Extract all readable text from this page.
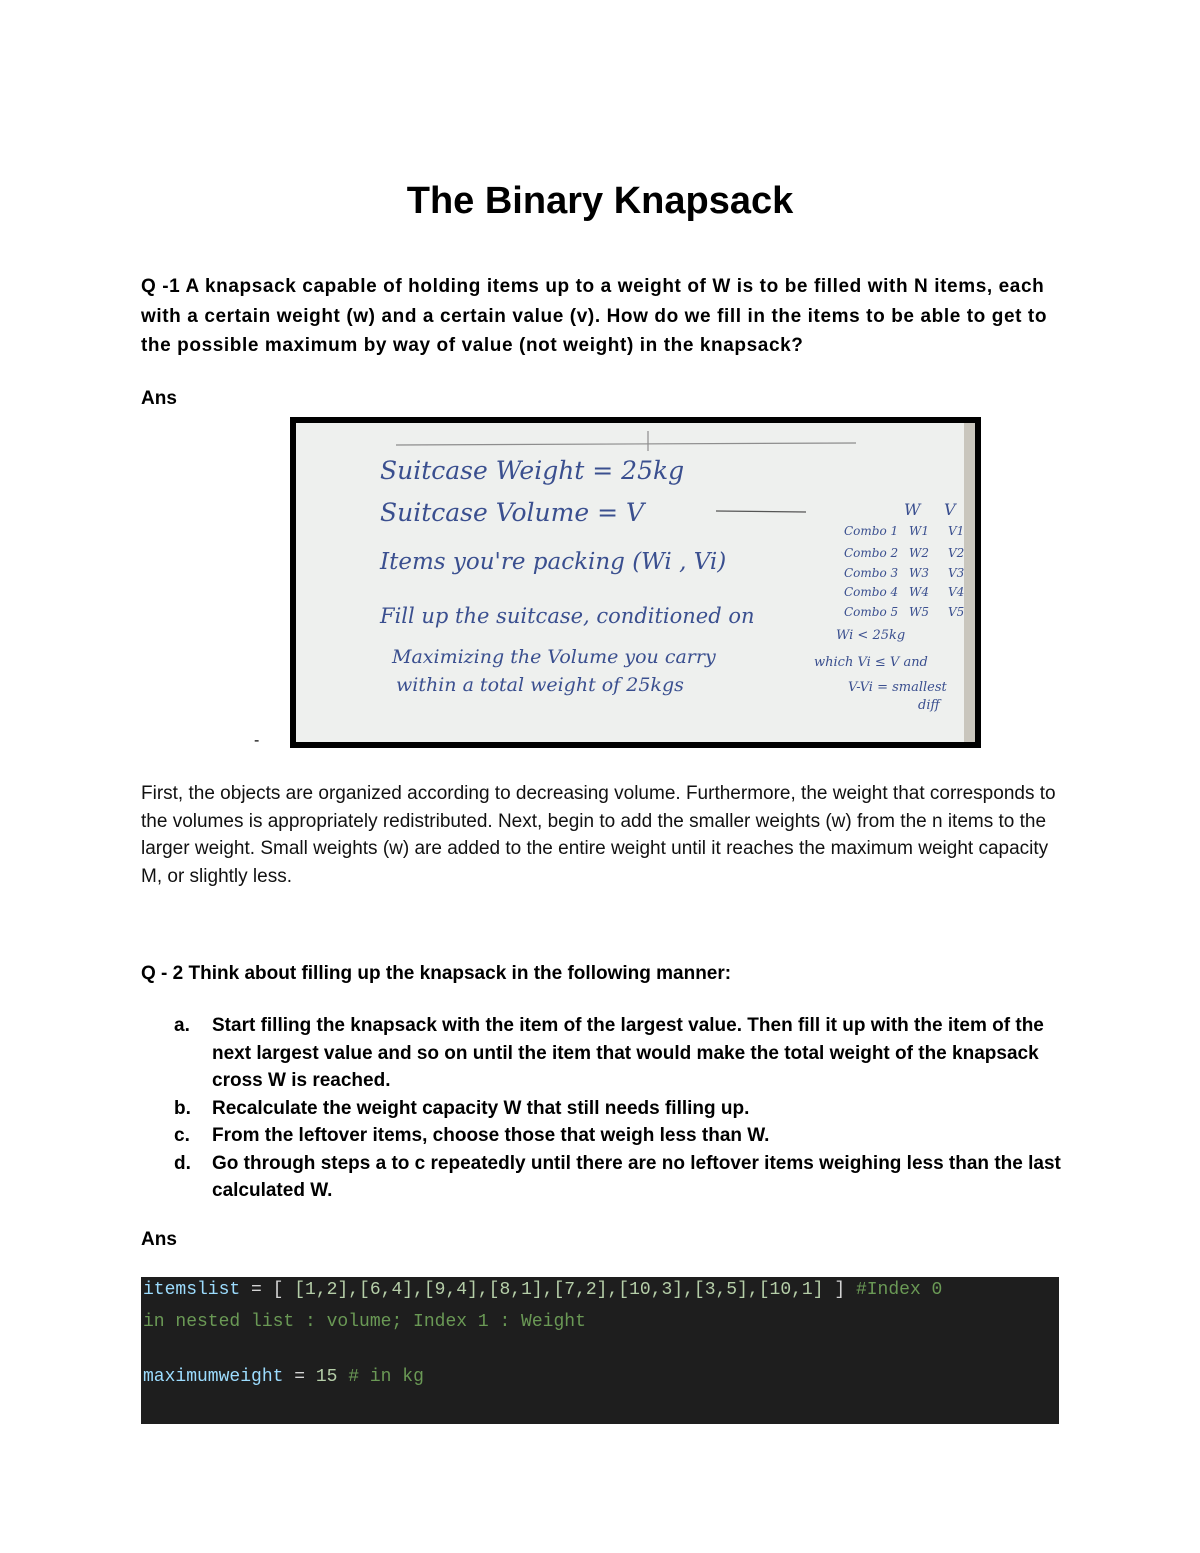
The Binary Knapsack

Q -1 A knapsack capable of holding items up to a weight of W is to be filled with N items, each with a certain weight (w) and a certain value (v). How do we fill in the items to be able to get to the possible maximum by way of value (not weight) in the knapsack?

Ans

Suitcase Weight = 25kg
Suitcase Volume = V
Items you're packing (Wi , Vi)
Fill up the suitcase, conditioned on
Maximizing the Volume you carry
within a total weight of 25kgs
W V
Combo 1 W1 V1
Combo 2 W2 V2
Combo 3 W3 V3
Combo 4 W4 V4
Combo 5 W5 V5
Wi < 25kg
which Vi ≤ V and
V-Vi = smallest
diff
-

First, the objects are organized according to decreasing volume. Furthermore, the weight that corresponds to the volumes is appropriately redistributed. Next, begin to add the smaller weights (w) from the n items to the larger weight. Small weights (w) are added to the entire weight until it reaches the maximum weight capacity M, or slightly less.

Q - 2 Think about filling up the knapsack in the following manner:

a. Start filling the knapsack with the item of the largest value. Then fill it up with the item of the next largest value and so on until the item that would make the total weight of the knapsack cross W is reached.
b. Recalculate the weight capacity W that still needs filling up.
c. From the leftover items, choose those that weigh less than W.
d. Go through steps a to c repeatedly until there are no leftover items weighing less than the last calculated W.

Ans

itemslist = [ [1,2],[6,4],[9,4],[8,1],[7,2],[10,3],[3,5],[10,1] ] #Index 0

in nested list : volume; Index 1 : Weight

maximumweight = 15 # in kg
